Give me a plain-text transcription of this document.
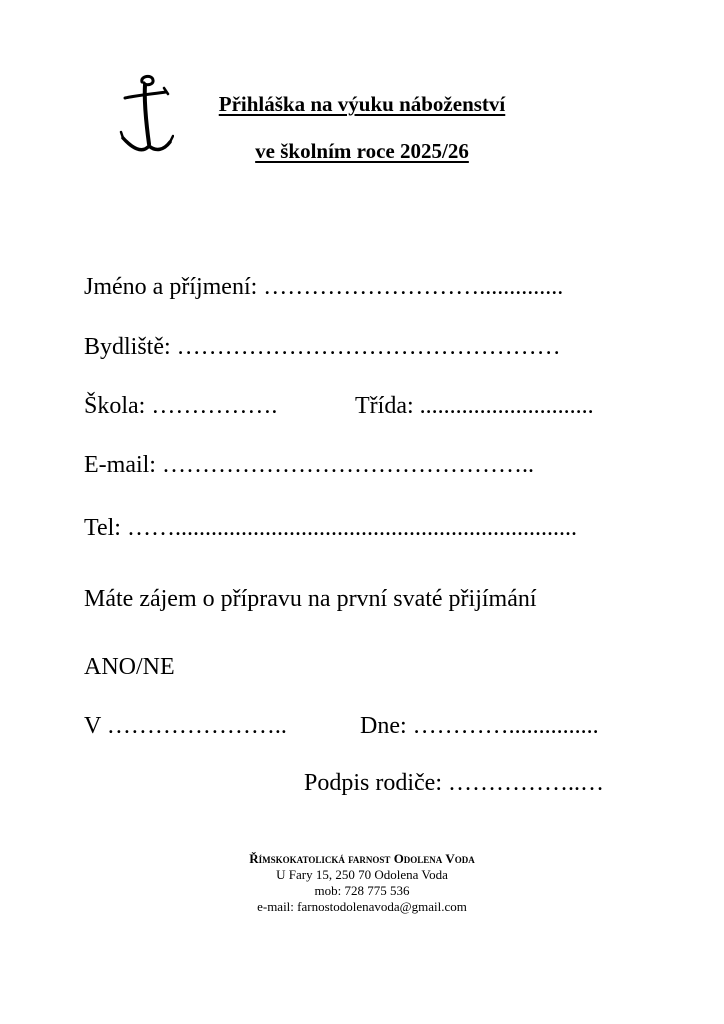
Přihláška na výuku náboženství
ve školním roce 2025/26
Jméno a příjmení: ………………………..............
Bydliště: …………………………………………
Škola: …………….	Třída: .............................
E-mail: ………………………………………..
Tel: ……...................................................................
Máte zájem o přípravu na první svaté přijímání
ANO/NE
V …………………..	Dne: …………...............
Podpis rodiče: ……………..…
Římskokatolická farnost Odolena Voda
U Fary 15, 250 70 Odolena Voda
mob: 728 775 536
e-mail: farnostodolenavoda@gmail.com
